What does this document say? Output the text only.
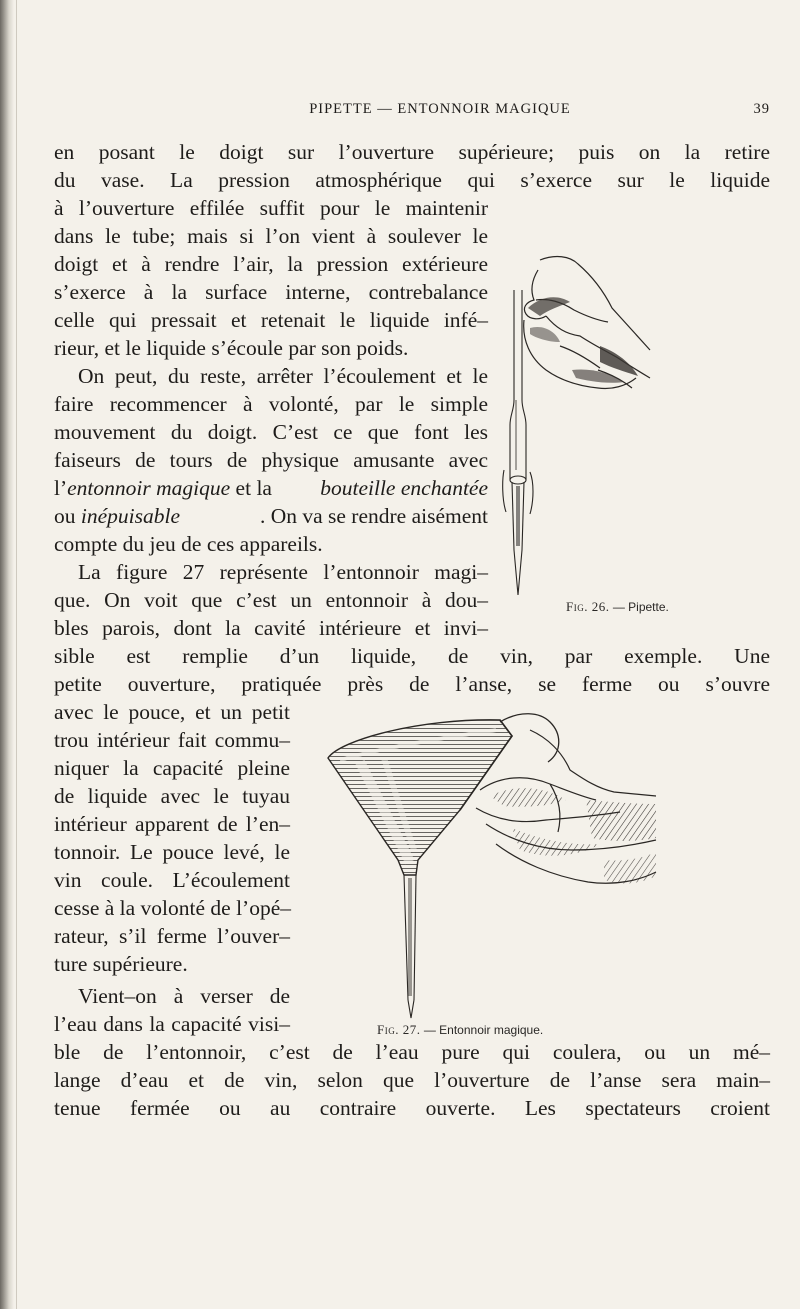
PIPETTE — ENTONNOIR MAGIQUE	39
en posant le doigt sur l’ouverture supérieure; puis on la retire
du vase. La pression atmosphérique qui s’exerce sur le liquide
à l’ouverture effilée suffit pour le maintenir
dans le tube; mais si l’on vient à soulever le
doigt et à rendre l’air, la pression extérieure
s’exerce à la surface interne, contrebalance
celle qui pressait et retenait le liquide infé–
rieur, et le liquide s’écoule par son poids.
On peut, du reste, arrêter l’écoulement et le
faire recommencer à volonté, par le simple
mouvement du doigt. C’est ce que font les
faiseurs de tours de physique amusante avec
l’entonnoir magique et la bouteille enchantée
ou inépuisable	. On va se rendre aisément
compte du jeu de ces appareils.
La figure 27 représente l’entonnoir magi–
que. On voit que c’est un entonnoir à dou–
bles parois, dont la cavité intérieure et invi–
sible est remplie d’un liquide, de vin, par exemple. Une
petite ouverture, pratiquée près de l’anse, se ferme ou s’ouvre
avec le pouce, et un petit
trou intérieur fait commu–
niquer la capacité pleine
de liquide avec le tuyau
intérieur apparent de l’en–
tonnoir. Le pouce levé, le
vin coule. L’écoulement
cesse à la volonté de l’opé–
rateur, s’il ferme l’ouver–
ture supérieure.
Vient–on à verser de
l’eau dans la capacité visi–
ble de l’entonnoir, c’est de l’eau pure qui coulera, ou un mé–
lange d’eau et de vin, selon que l’ouverture de l’anse sera main–
tenue fermée ou au contraire ouverte. Les spectateurs croient
Fig. 26. — Pipette.
Fig. 27. — Entonnoir magique.
